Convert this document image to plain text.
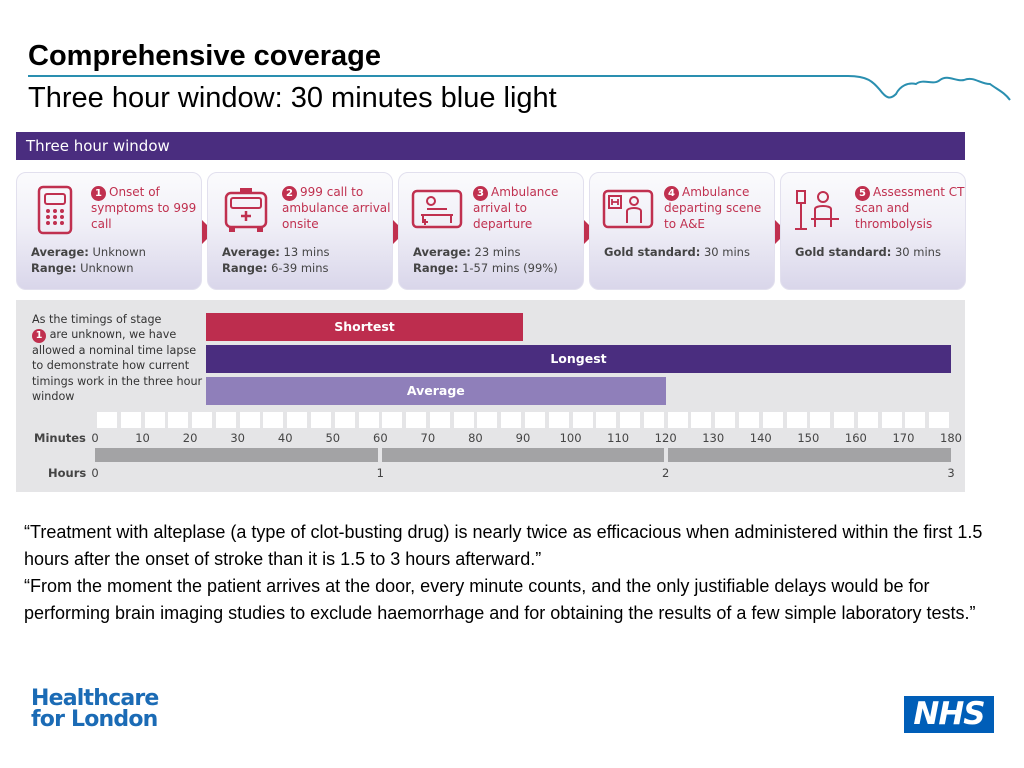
Comprehensive coverage
Three hour window: 30 minutes blue light
Three hour window
1 Onset of symptoms to 999 call
Average: Unknown
Range: Unknown
2 999 call to ambulance arrival onsite
Average: 13 mins
Range: 6-39 mins
3 Ambulance arrival to departure
Average: 23 mins
Range: 1-57 mins (99%)
4 Ambulance departing scene to A&E
Gold standard: 30 mins
5 Assessment CT scan and thrombolysis
Gold standard: 30 mins
As the timings of stage
1 are unknown, we have allowed a nominal time lapse to demonstrate how current timings work in the three hour window
Shortest
Longest
Average
Minutes 0	10	20	30	40	50	60	70	80	90	100 110 120 130 140 150 160 170 180
Hours 0	1	2	3

“Treatment with alteplase (a type of clot-busting drug) is nearly twice as efficacious when administered within the first 1.5 hours after the onset of stroke than it is 1.5 to 3 hours afterward.”

“From the moment the patient arrives at the door, every minute counts, and the only justifiable delays would be for performing brain imaging studies to exclude haemorrhage and for obtaining the results of a few simple laboratory tests.”

Healthcare
for London	NHS
